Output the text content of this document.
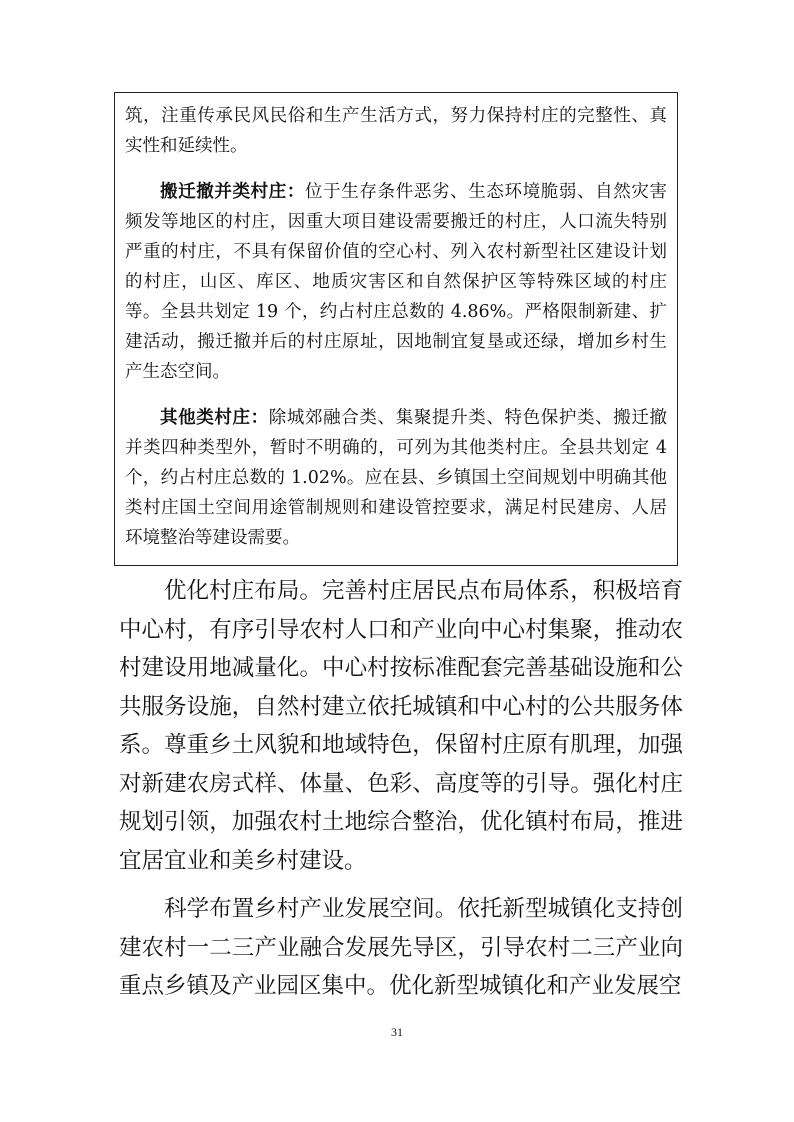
筑，注重传承民风民俗和生产生活方式，努力保持村庄的完整性、真实性和延续性。

搬迁撤并类村庄：位于生存条件恶劣、生态环境脆弱、自然灾害频发等地区的村庄，因重大项目建设需要搬迁的村庄，人口流失特别严重的村庄，不具有保留价值的空心村、列入农村新型社区建设计划的村庄，山区、库区、地质灾害区和自然保护区等特殊区域的村庄等。全县共划定 19 个，约占村庄总数的 4.86%。严格限制新建、扩建活动，搬迁撤并后的村庄原址，因地制宜复垦或还绿，增加乡村生产生态空间。

其他类村庄：除城郊融合类、集聚提升类、特色保护类、搬迁撤并类四种类型外，暂时不明确的，可列为其他类村庄。全县共划定 4 个，约占村庄总数的 1.02%。应在县、乡镇国土空间规划中明确其他类村庄国土空间用途管制规则和建设管控要求，满足村民建房、人居环境整治等建设需要。

优化村庄布局。完善村庄居民点布局体系，积极培育中心村，有序引导农村人口和产业向中心村集聚，推动农村建设用地减量化。中心村按标准配套完善基础设施和公共服务设施，自然村建立依托城镇和中心村的公共服务体系。尊重乡土风貌和地域特色，保留村庄原有肌理，加强对新建农房式样、体量、色彩、高度等的引导。强化村庄规划引领，加强农村土地综合整治，优化镇村布局，推进宜居宜业和美乡村建设。

科学布置乡村产业发展空间。依托新型城镇化支持创建农村一二三产业融合发展先导区，引导农村二三产业向重点乡镇及产业园区集中。优化新型城镇化和产业发展空

31
